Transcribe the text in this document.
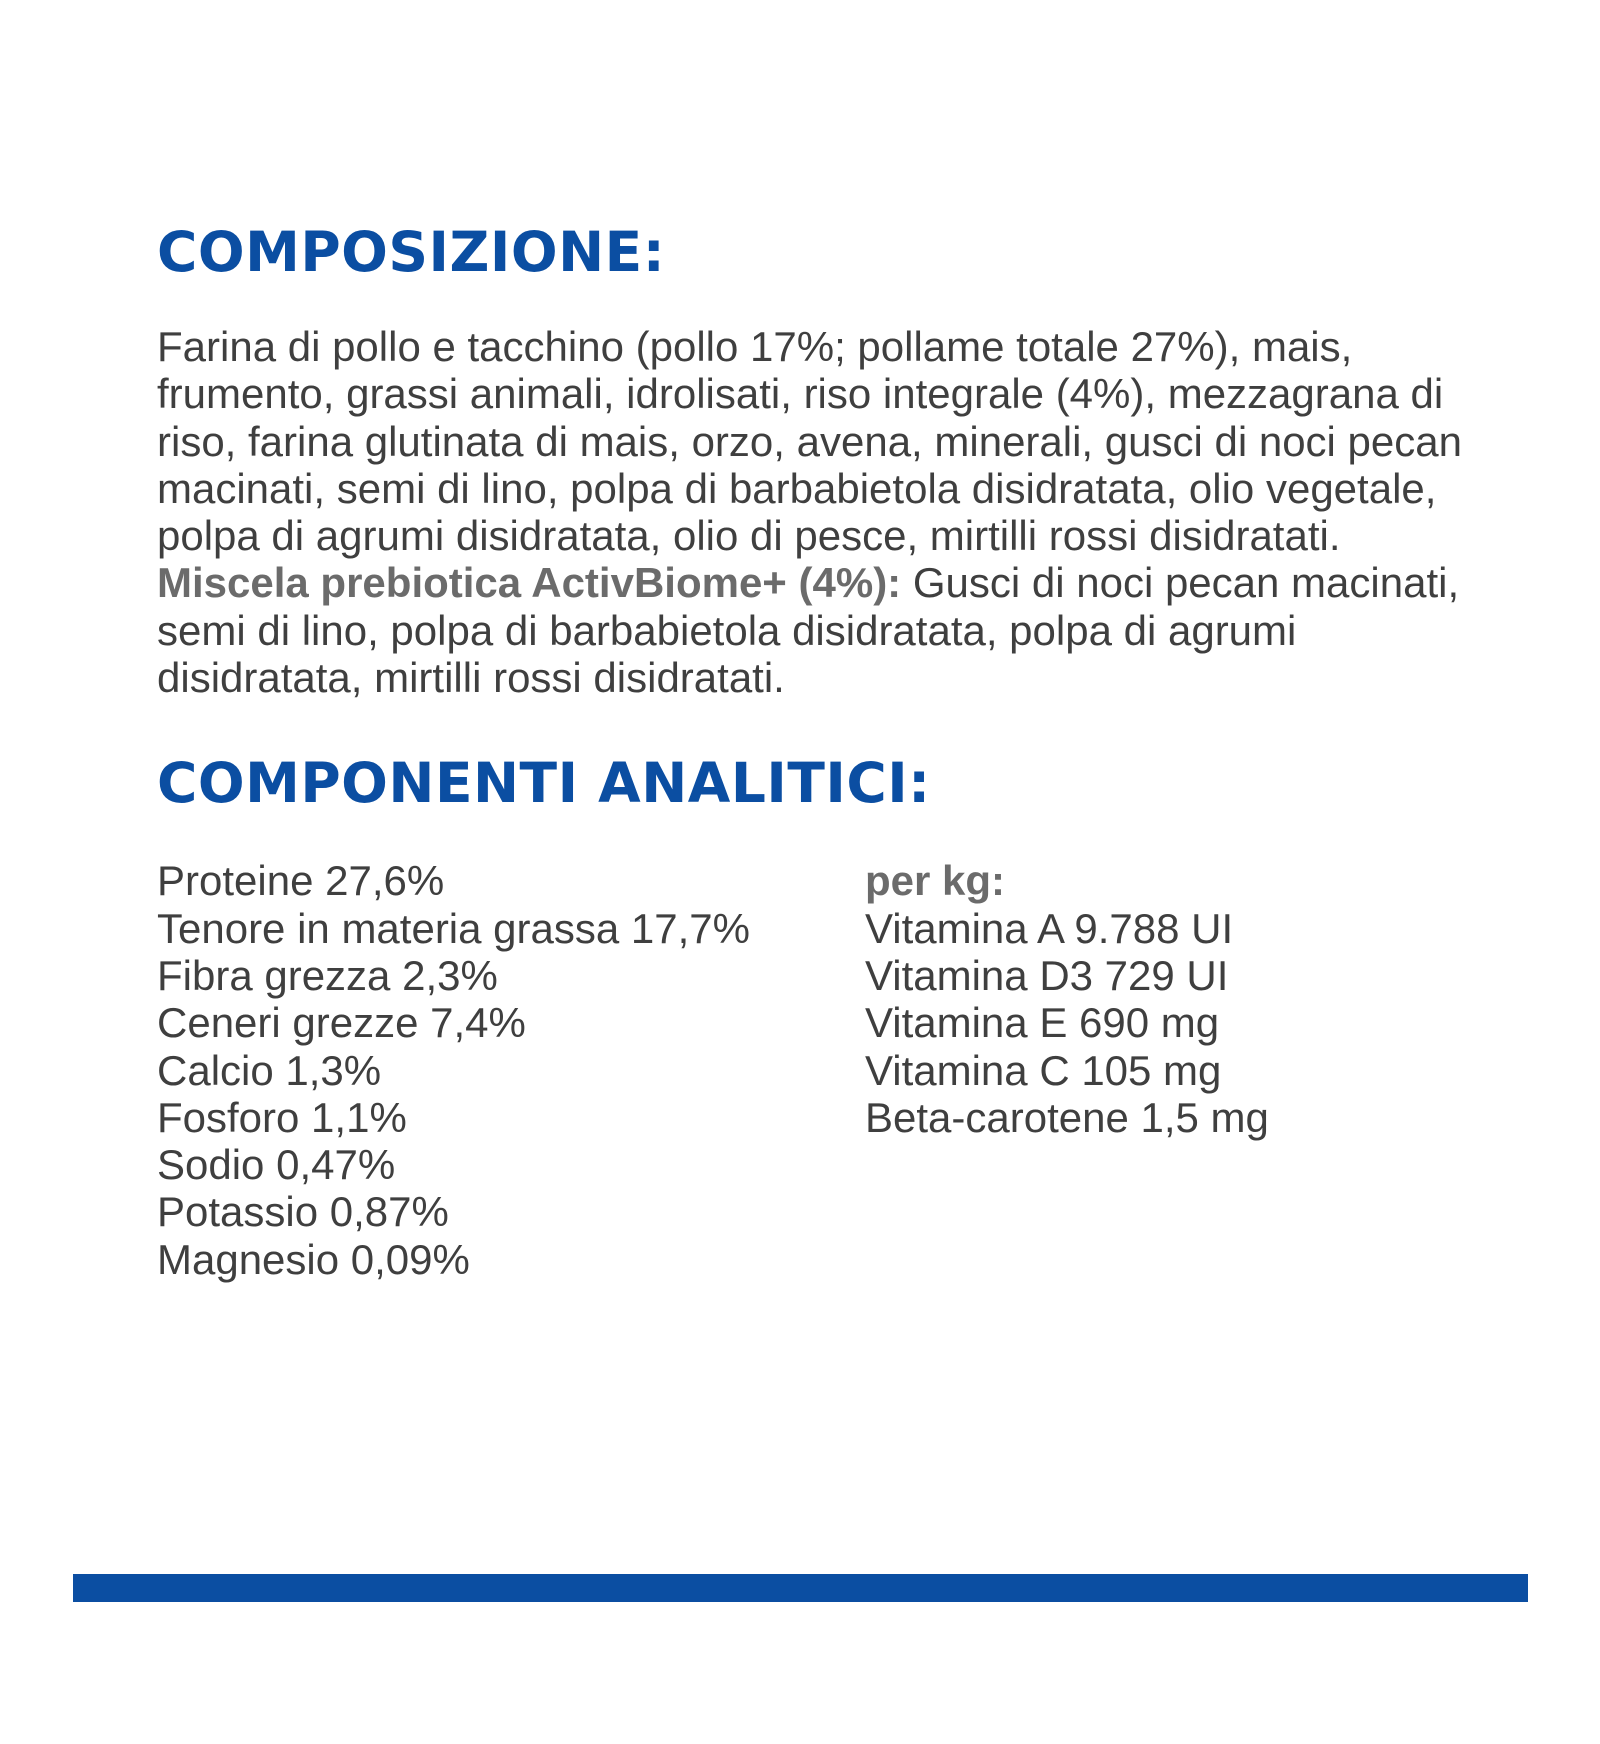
COMPOSIZIONE:

Farina di pollo e tacchino (pollo 17%; pollame totale 27%), mais, frumento, grassi animali, idrolisati, riso integrale (4%), mezzagrana di riso, farina glutinata di mais, orzo, avena, minerali, gusci di noci pecan macinati, semi di lino, polpa di barbabietola disidratata, olio vegetale, polpa di agrumi disidratata, olio di pesce, mirtilli rossi disidratati.

Miscela prebiotica ActivBiome+ (4%): Gusci di noci pecan macinati, semi di lino, polpa di barbabietola disidratata, polpa di agrumi disidratata, mirtilli rossi disidratati.

COMPONENTI ANALITICI:
Proteine 27,6%
Tenore in materia grassa 17,7%
Fibra grezza 2,3%
Ceneri grezze 7,4%
Calcio 1,3%
Fosforo 1,1%
Sodio 0,47%
Potassio 0,87%
Magnesio 0,09%
per kg:
Vitamina A 9.788 UI
Vitamina D3 729 UI
Vitamina E 690 mg
Vitamina C 105 mg
Beta-carotene 1,5 mg
